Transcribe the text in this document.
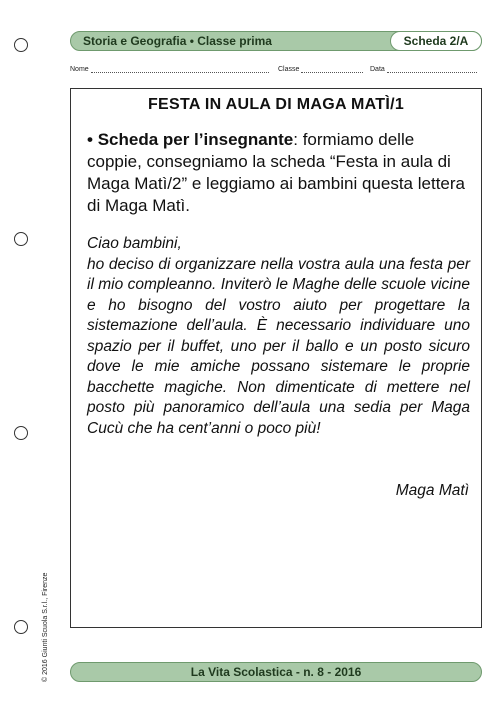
Storia e Geografia • Classe prima	Scheda 2/A
Nome	Classe	Data
FESTA IN AULA DI MAGA MATÌ/1
• Scheda per l’insegnante: formiamo delle coppie, consegniamo la scheda “Festa in aula di Maga Matì/2” e leggiamo ai bambini questa lettera di Maga Matì.
Ciao bambini,
ho deciso di organizzare nella vostra aula una festa per il mio compleanno. Inviterò le Maghe delle scuole vicine e ho bisogno del vostro aiuto per progettare la sistemazione dell’aula. È necessario individuare uno spazio per il buffet, uno per il ballo e un posto sicuro dove le mie amiche possano sistemare le proprie bacchette magiche. Non dimenticate di mettere nel posto più panoramico dell’aula una sedia per Maga Cucù che ha cent’anni o poco più!
Maga Matì
© 2016 Giunti Scuola S.r.l., Firenze	La Vita Scolastica - n. 8 - 2016
